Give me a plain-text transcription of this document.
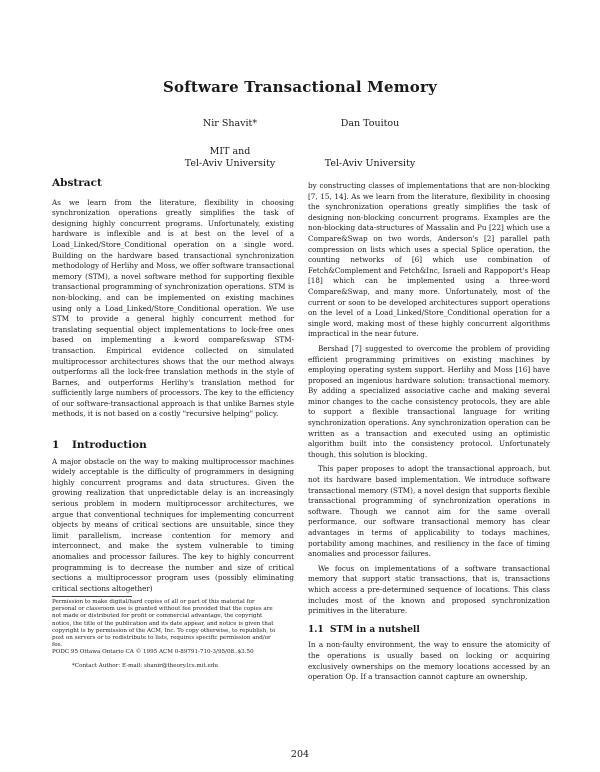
Software Transactional Memory
Nir Shavit*
MIT and
Tel-Aviv University
Dan Touitou

Tel-Aviv University
Abstract

As we learn from the literature, flexibility in choosing synchronization operations greatly simplifies the task of designing highly concurrent programs. Unfortunately, existing hardware is inflexible and is at best on the level of a Load_Linked/Store_Conditional operation on a single word. Building on the hardware based transactional synchronization methodology of Herlihy and Moss, we offer software transactional memory (STM), a novel software method for supporting flexible transactional programming of synchronization operations. STM is non-blocking, and can be implemented on existing machines using only a Load_Linked/Store_Conditional operation. We use STM to provide a general highly concurrent method for translating sequential object implementations to lock-free ones based on implementing a k-word compare&swap STM-transaction. Empirical evidence collected on simulated multiprocessor architectures shows that the our method always outperforms all the lock-free translation methods in the style of Barnes, and outperforms Herlihy's translation method for sufficiently large numbers of processors. The key to the efficiency of our software-transactional approach is that unlike Barnes style methods, it is not based on a costly "recursive helping" policy.

1 Introduction

A major obstacle on the way to making multiprocessor machines widely acceptable is the difficulty of programmers in designing highly concurrent programs and data structures. Given the growing realization that unpredictable delay is an increasingly serious problem in modern multiprocessor architectures, we argue that conventional techniques for implementing concurrent objects by means of critical sections are unsuitable, since they limit parallelism, increase contention for memory and interconnect, and make the system vulnerable to timing anomalies and processor failures. The key to highly concurrent programming is to decrease the number and size of critical sections a multiprocessor program uses (possibly eliminating critical sections altogether)

by constructing classes of implementations that are non-blocking [7, 15, 14]. As we learn from the literature, flexibility in choosing the synchronization operations greatly simplifies the task of designing non-blocking concurrent programs. Examples are the non-blocking data-structures of Massalin and Pu [22] which use a Compare&Swap on two words, Anderson's [2] parallel path compression on lists which uses a special Splice operation, the counting networks of [6] which use combination of Fetch&Complement and Fetch&Inc, Israeli and Rappoport's Heap [18] which can be implemented using a three-word Compare&Swap, and many more. Unfortunately, most of the current or soon to be developed architectures support operations on the level of a Load_Linked/Store_Conditional operation for a single word, making most of these highly concurrent algorithms impractical in the near future.

Bershad [7] suggested to overcome the problem of providing efficient programming primitives on existing machines by employing operating system support. Herlihy and Moss [16] have proposed an ingenious hardware solution: transactional memory. By adding a specialized associative cache and making several minor changes to the cache consistency protocols, they are able to support a flexible transactional language for writing synchronization operations. Any synchronization operation can be written as a transaction and executed using an optimistic algorithm built into the consistency protocol. Unfortunately though, this solution is blocking.

This paper proposes to adopt the transactional approach, but not its hardware based implementation. We introduce software transactional memory (STM), a novel design that supports flexible transactional programming of synchronization operations in software. Though we cannot aim for the same overall performance, our software transactional memory has clear advantages in terms of applicability to todays machines, portability among machines, and resiliency in the face of timing anomalies and processor failures.

We focus on implementations of a software transactional memory that support static transactions, that is, transactions which access a pre-determined sequence of locations. This class includes most of the known and proposed synchronization primitives in the literature.

1.1 STM in a nutshell

In a non-faulty environment, the way to ensure the atomicity of the operations is usually based on locking or acquiring exclusively ownerships on the memory locations accessed by an operation Op. If a transaction cannot capture an ownership,

Permission to make digital/hard copies of all or part of this material for personal or classroom use is granted without fee provided that the copies are not made or distributed for profit or commercial advantage, the copyright notice, the title of the publication and its date appear, and notice is given that copyright is by permission of the ACM, Inc. To copy otherwise, to republish, to post on servers or to redistribute to lists, requires specific permission and/or fee.

PODC 95 Ottawa Ontario CA © 1995 ACM 0-89791-710-3/95/08..$3.50

*Contact Author: E-mail: shanir@theory.lcs.mit.edu

204
